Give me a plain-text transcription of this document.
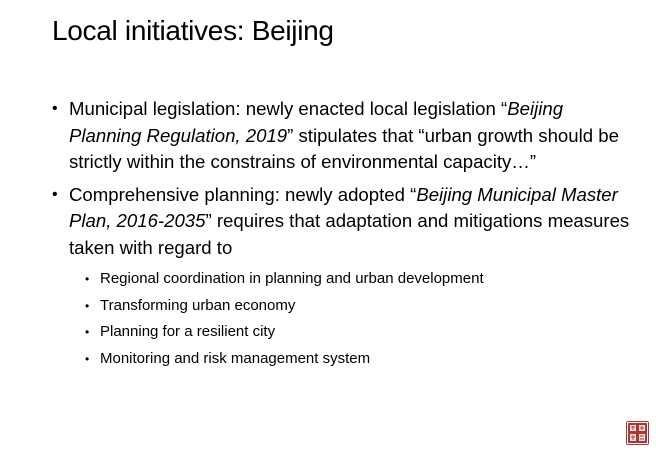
Local initiatives: Beijing
• Municipal legislation: newly enacted local legislation “Beijing Planning Regulation, 2019” stipulates that “urban growth should be strictly within the constrains of environmental capacity…”
• Comprehensive planning: newly adopted “Beijing Municipal Master Plan, 2016-2035” requires that adaptation and mitigations measures taken with regard to
• Regional coordination in planning and urban development
• Transforming urban economy
• Planning for a resilient city
• Monitoring and risk management system
